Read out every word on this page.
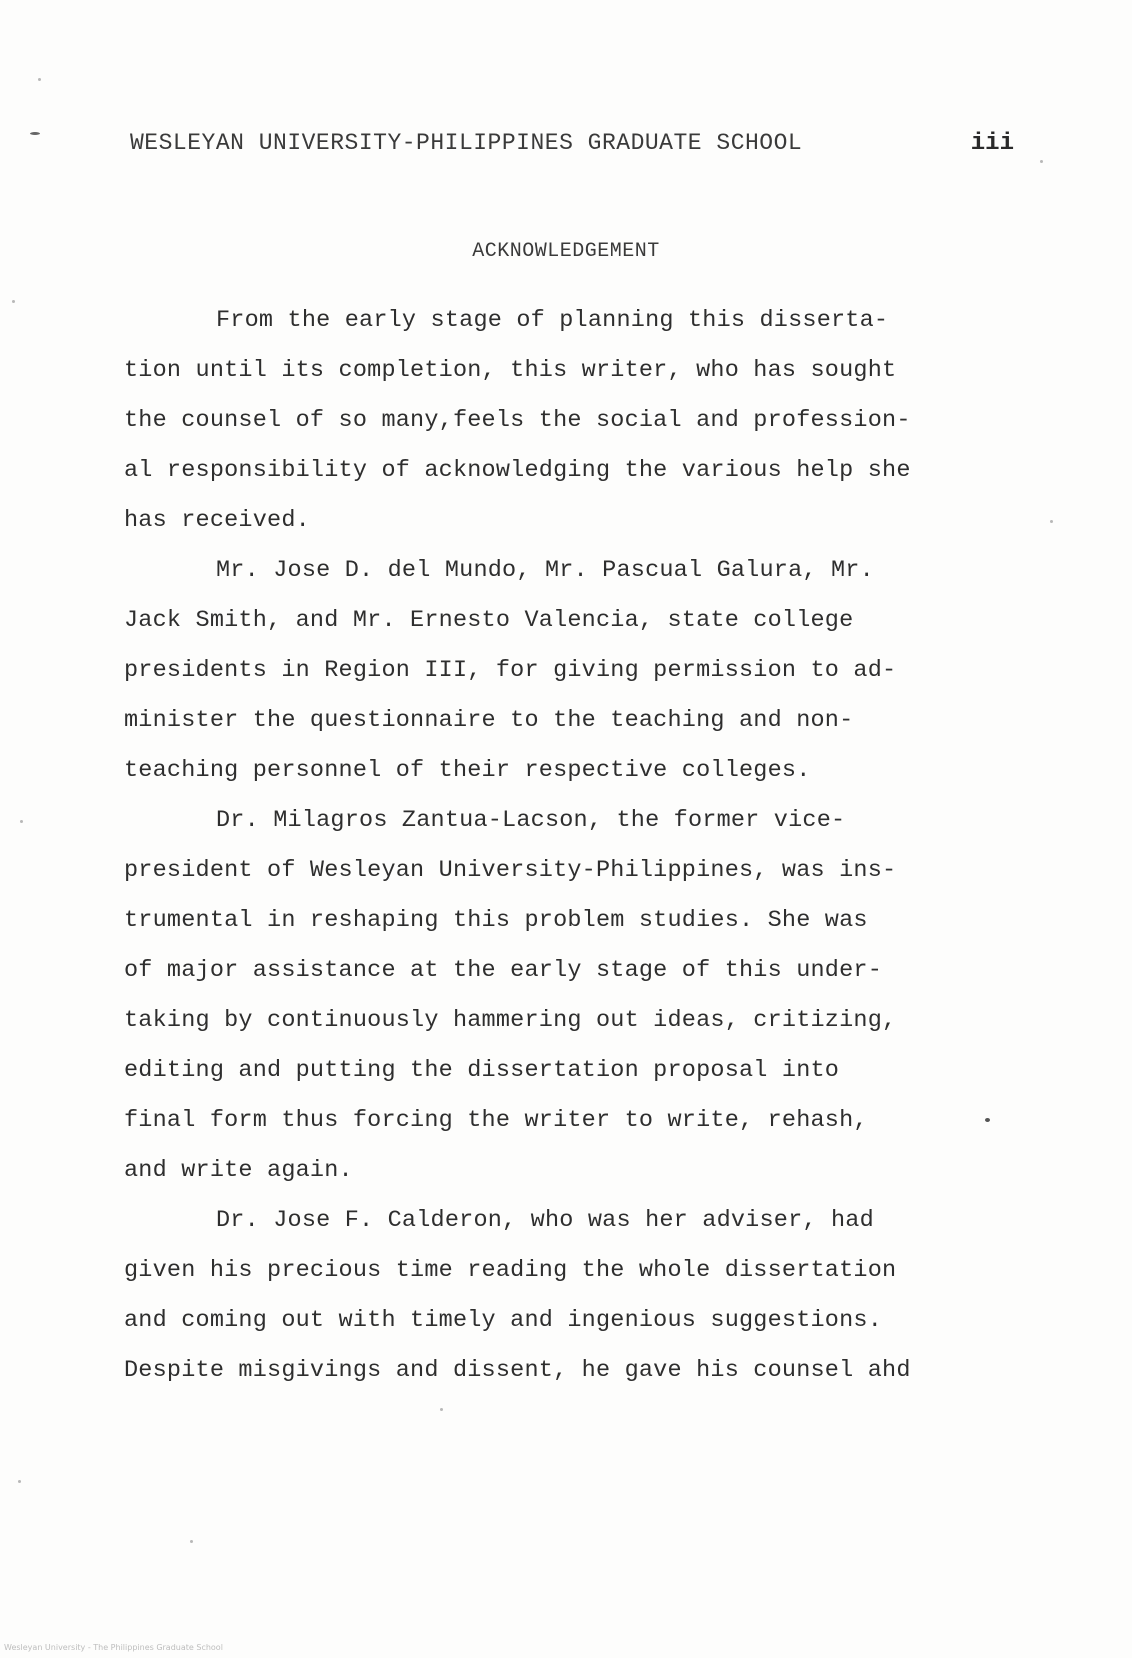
WESLEYAN UNIVERSITY-PHILIPPINES GRADUATE SCHOOL	iii
ACKNOWLEDGEMENT
From the early stage of planning this disserta-
tion until its completion, this writer, who has sought
the counsel of so many,feels the social and profession-
al responsibility of acknowledging the various help she
has received.
Mr. Jose D. del Mundo, Mr. Pascual Galura, Mr.
Jack Smith, and Mr. Ernesto Valencia, state college
presidents in Region III, for giving permission to ad-
minister the questionnaire to the teaching and non-
teaching personnel of their respective colleges.
Dr. Milagros Zantua-Lacson, the former vice-
president of Wesleyan University-Philippines, was ins-
trumental in reshaping this problem studies. She was
of major assistance at the early stage of this under-
taking by continuously hammering out ideas, critizing,
editing and putting the dissertation proposal into
final form thus forcing the writer to write, rehash,
and write again.
Dr. Jose F. Calderon, who was her adviser, had
given his precious time reading the whole dissertation
and coming out with timely and ingenious suggestions.
Despite misgivings and dissent, he gave his counsel ahd
Wesleyan University - The Philippines Graduate School
